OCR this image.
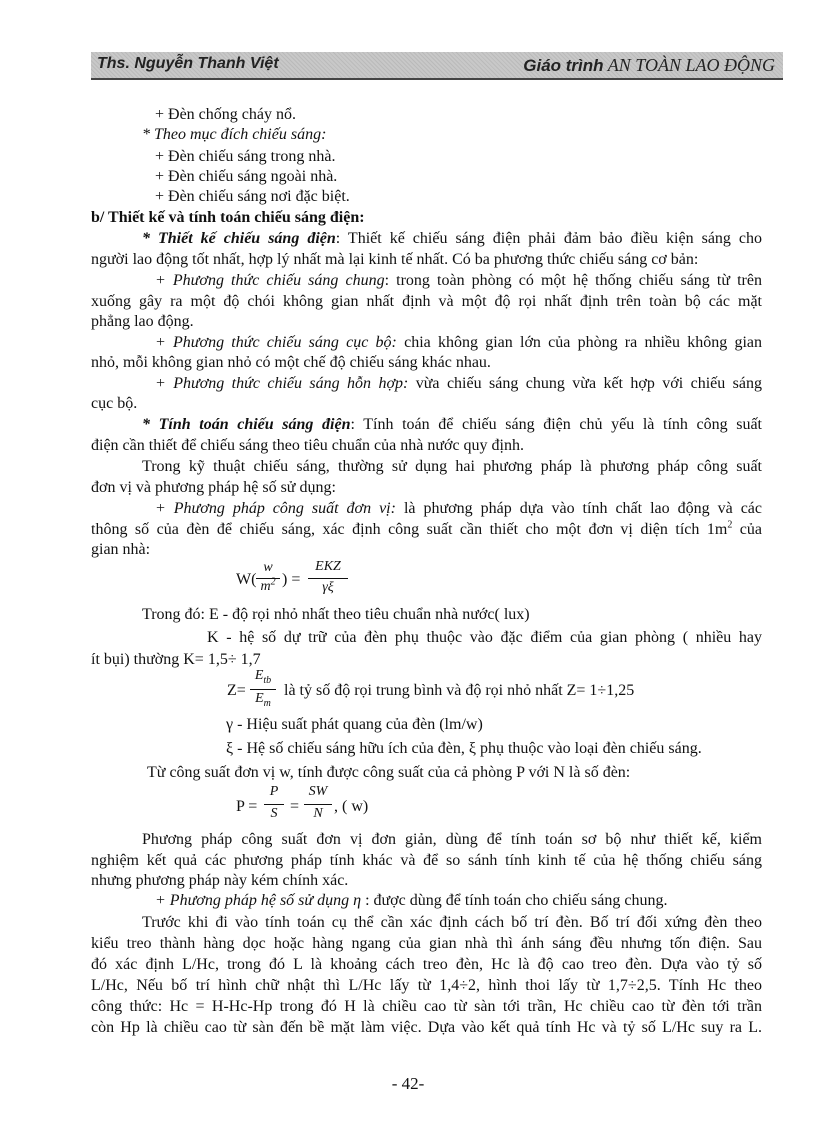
Ths. Nguyễn Thanh Việt	Giáo trình AN TOÀN LAO ĐỘNG
+ Đèn chống cháy nổ.
* Theo mục đích chiếu sáng:
+ Đèn chiếu sáng trong nhà.
+ Đèn chiếu sáng ngoài nhà.
+ Đèn chiếu sáng nơi đặc biệt.
b/ Thiết kế và tính toán chiếu sáng điện:
* Thiết kế chiếu sáng điện: Thiết kế chiếu sáng điện phải đảm bảo điều kiện sáng cho
người lao động tốt nhất, hợp lý nhất mà lại kinh tế nhất. Có ba phương thức chiếu sáng cơ bản:
+ Phương thức chiếu sáng chung: trong toàn phòng có một hệ thống chiếu sáng từ trên
xuống gây ra một độ chói không gian nhất định và một độ rọi nhất định trên toàn bộ các mặt
phẳng lao động.
+ Phương thức chiếu sáng cục bộ: chia không gian lớn của phòng ra nhiều không gian
nhỏ, mỗi không gian nhỏ có một chế độ chiếu sáng khác nhau.
+ Phương thức chiếu sáng hỗn hợp: vừa chiếu sáng chung vừa kết hợp với chiếu sáng
cục bộ.
* Tính toán chiếu sáng điện: Tính toán để chiếu sáng điện chủ yếu là tính công suất
điện cần thiết để chiếu sáng theo tiêu chuẩn của nhà nước quy định.
Trong kỹ thuật chiếu sáng, thường sử dụng hai phương pháp là phương pháp công suất
đơn vị và phương pháp hệ số sử dụng:
+ Phương pháp công suất đơn vị: là phương pháp dựa vào tính chất lao động và các
thông số của đèn để chiếu sáng, xác định công suất cần thiết cho một đơn vị diện tích $1m^2$ của
gian nhà:
W(
w
$m^2$ ) =
EKZ
γξ
Trong đó: E - độ rọi nhỏ nhất theo tiêu chuẩn nhà nước( lux)
K - hệ số dự trữ của đèn phụ thuộc vào đặc điểm của gian phòng ( nhiều hay
ít bụi) thường K= 1,5÷ 1,7
Z=
$E_{tb}$
$E_m$
là tỷ số độ rọi trung bình và độ rọi nhỏ nhất Z= 1÷1,25
γ - Hiệu suất phát quang của đèn (lm/w)
ξ - Hệ số chiếu sáng hữu ích của đèn, ξ phụ thuộc vào loại đèn chiếu sáng.
Từ công suất đơn vị w, tính được công suất của cả phòng P với N là số đèn:
P =
P
S =
SW
N , ( w)
Phương pháp công suất đơn vị đơn giản, dùng để tính toán sơ bộ như thiết kế, kiểm
nghiệm kết quả các phương pháp tính khác và để so sánh tính kinh tế của hệ thống chiếu sáng
nhưng phương pháp này kém chính xác.
+ Phương pháp hệ số sử dụng η : được dùng để tính toán cho chiếu sáng chung.
Trước khi đi vào tính toán cụ thể cần xác định cách bố trí đèn. Bố trí đối xứng đèn theo
kiểu treo thành hàng dọc hoặc hàng ngang của gian nhà thì ánh sáng đều nhưng tốn điện. Sau
đó xác định L/Hc, trong đó L là khoảng cách treo đèn, Hc là độ cao treo đèn. Dựa vào tỷ số
L/Hc, Nếu bố trí hình chữ nhật thì L/Hc lấy từ 1,4÷2, hình thoi lấy từ 1,7÷2,5. Tính Hc theo
công thức: Hc = H-Hc-Hp trong đó H là chiều cao từ sàn tới trần, Hc chiều cao từ đèn tới trần
còn Hp là chiều cao từ sàn đến bề mặt làm việc. Dựa vào kết quả tính Hc và tỷ số L/Hc suy ra L.
- 42-
